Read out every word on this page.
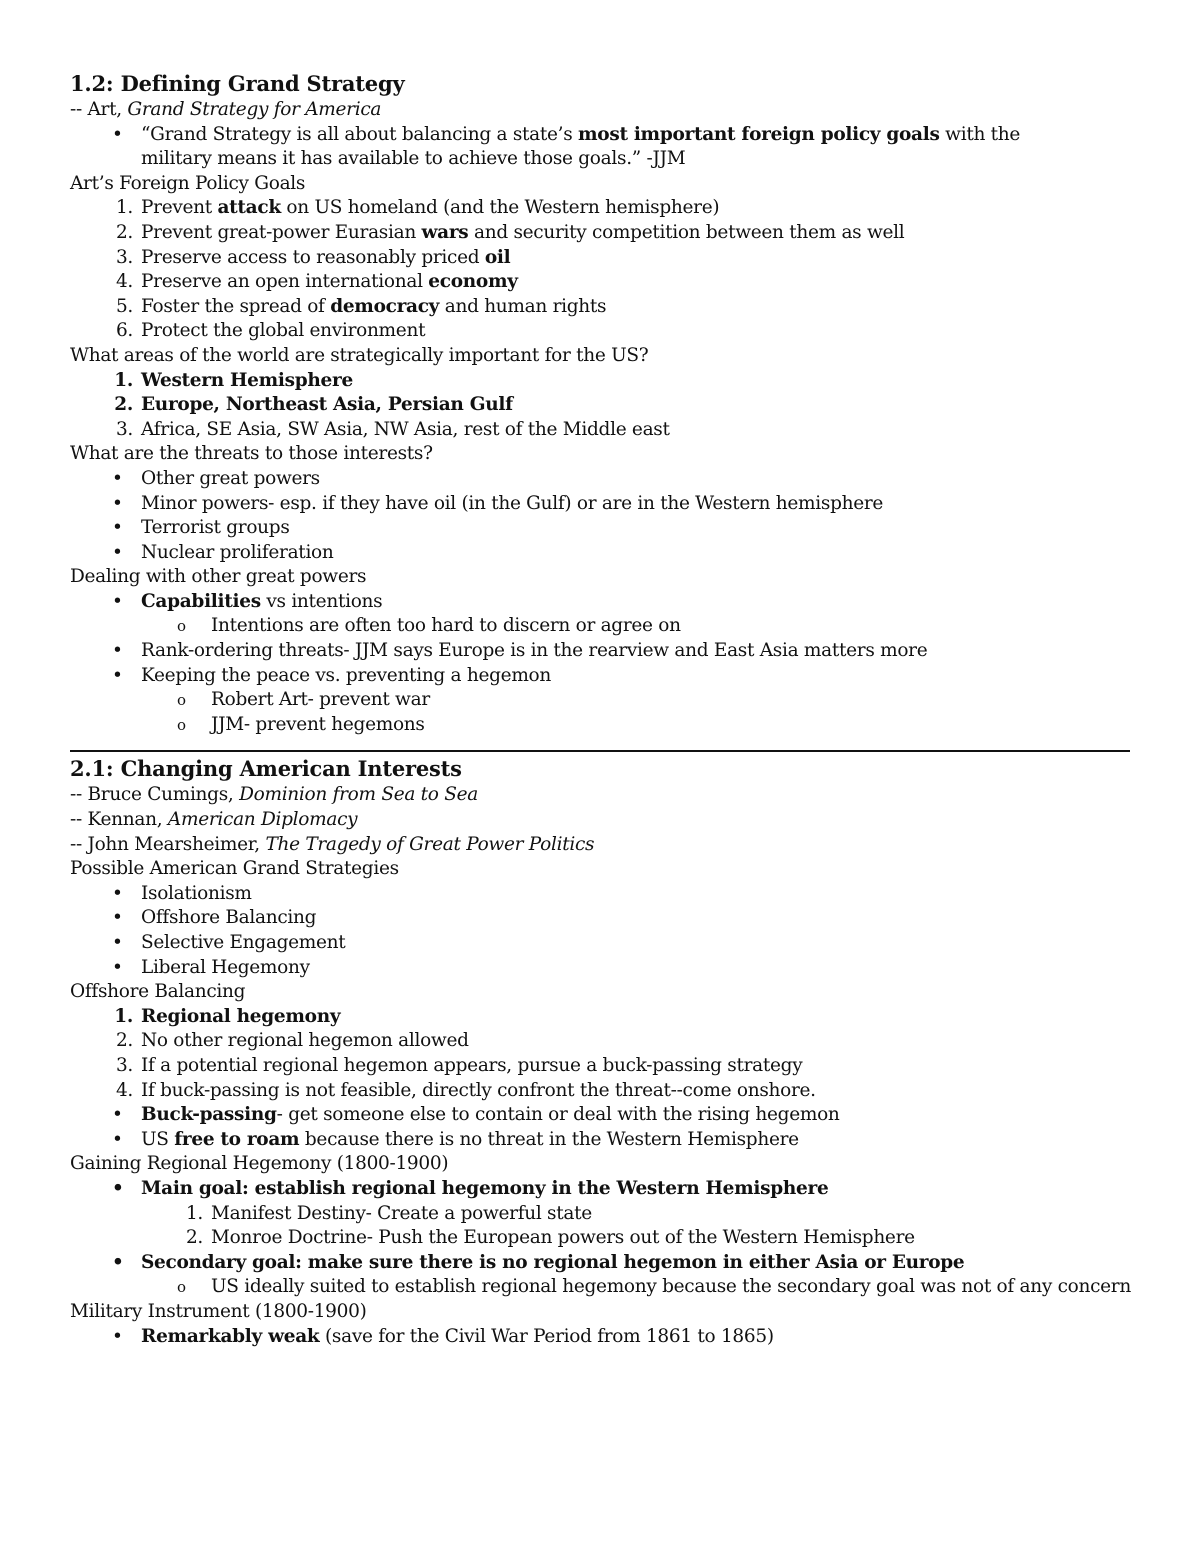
1.2: Defining Grand Strategy
-- Art, Grand Strategy for America
• “Grand Strategy is all about balancing a state’s most important foreign policy goals with the
military means it has available to achieve those goals.” -JJM
Art’s Foreign Policy Goals
1. Prevent attack on US homeland (and the Western hemisphere)
2. Prevent great-power Eurasian wars and security competition between them as well
3. Preserve access to reasonably priced oil
4. Preserve an open international economy
5. Foster the spread of democracy and human rights
6. Protect the global environment
What areas of the world are strategically important for the US?
1. Western Hemisphere
2. Europe, Northeast Asia, Persian Gulf
3. Africa, SE Asia, SW Asia, NW Asia, rest of the Middle east
What are the threats to those interests?
• Other great powers
• Minor powers- esp. if they have oil (in the Gulf) or are in the Western hemisphere
• Terrorist groups
• Nuclear proliferation
Dealing with other great powers
• Capabilities vs intentions
o Intentions are often too hard to discern or agree on
• Rank-ordering threats- JJM says Europe is in the rearview and East Asia matters more
• Keeping the peace vs. preventing a hegemon
o Robert Art- prevent war
o JJM- prevent hegemons
2.1: Changing American Interests
-- Bruce Cumings, Dominion from Sea to Sea
-- Kennan, American Diplomacy
-- John Mearsheimer, The Tragedy of Great Power Politics
Possible American Grand Strategies
• Isolationism
• Offshore Balancing
• Selective Engagement
• Liberal Hegemony
Offshore Balancing
1. Regional hegemony
2. No other regional hegemon allowed
3. If a potential regional hegemon appears, pursue a buck-passing strategy
4. If buck-passing is not feasible, directly confront the threat--come onshore.
• Buck-passing- get someone else to contain or deal with the rising hegemon
• US free to roam because there is no threat in the Western Hemisphere
Gaining Regional Hegemony (1800-1900)
• Main goal: establish regional hegemony in the Western Hemisphere
1. Manifest Destiny- Create a powerful state
2. Monroe Doctrine- Push the European powers out of the Western Hemisphere
• Secondary goal: make sure there is no regional hegemon in either Asia or Europe
o US ideally suited to establish regional hegemony because the secondary goal was not of any concern
Military Instrument (1800-1900)
• Remarkably weak (save for the Civil War Period from 1861 to 1865)
